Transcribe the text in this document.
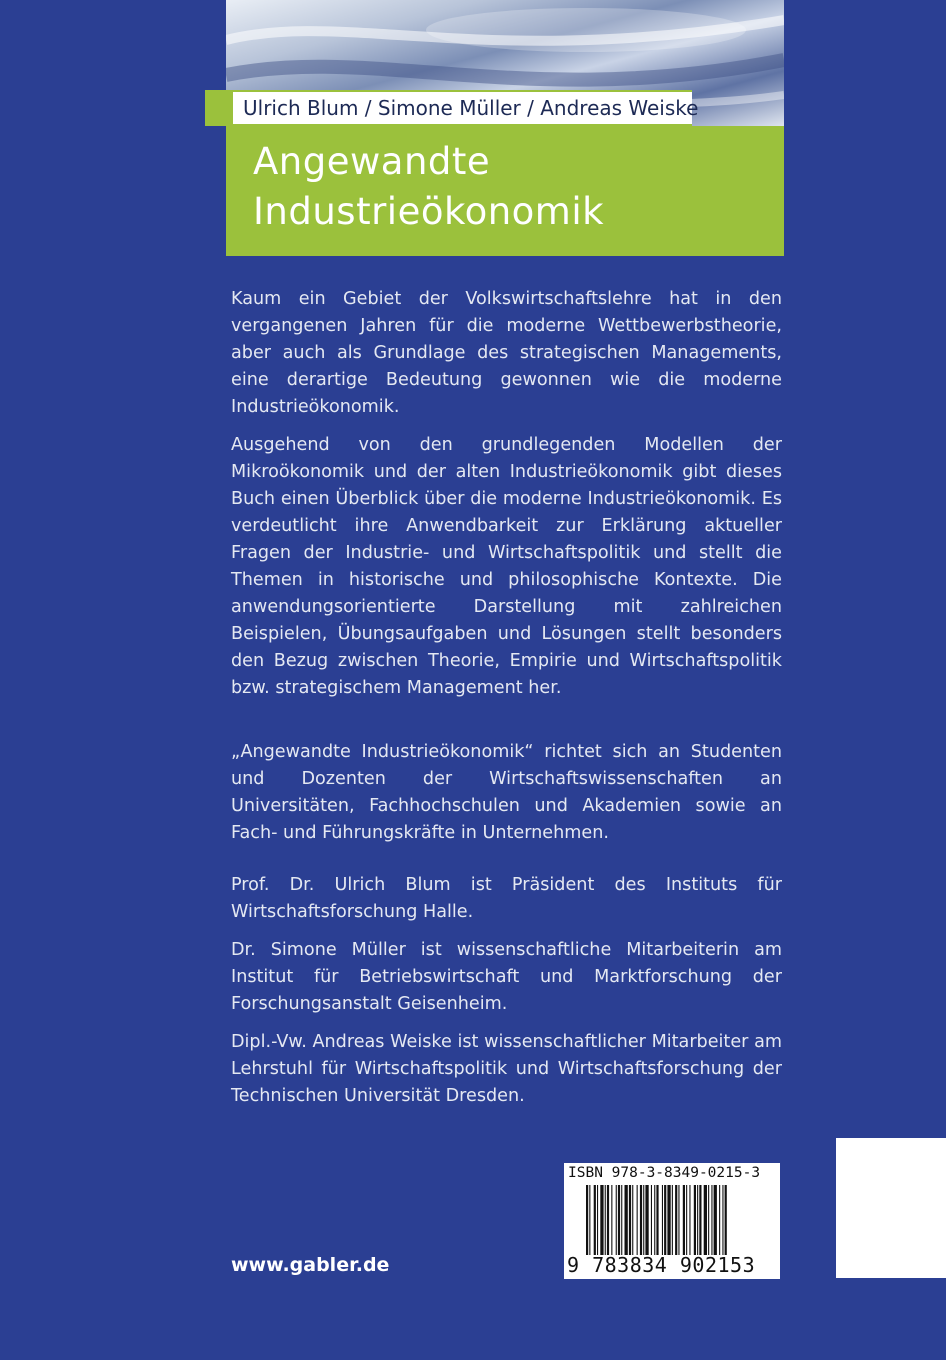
Ulrich Blum / Simone Müller / Andreas Weiske
Angewandte
Industrieökonomik

Kaum ein Gebiet der Volkswirtschaftslehre hat in den vergangenen Jahren für die moderne Wettbewerbstheorie, aber auch als Grundlage des strategischen Managements, eine derartige Bedeutung gewonnen wie die moderne Industrieökonomik.

Ausgehend von den grundlegenden Modellen der Mikroökonomik und der alten Industrieökonomik gibt dieses Buch einen Überblick über die moderne Industrieökonomik. Es verdeutlicht ihre Anwendbarkeit zur Erklärung aktueller Fragen der Industrie- und Wirtschaftspolitik und stellt die Themen in historische und philosophische Kontexte. Die anwendungsorientierte Darstellung mit zahlreichen Beispielen, Übungsaufgaben und Lösungen stellt besonders den Bezug zwischen Theorie, Empirie und Wirtschaftspolitik bzw. strategischem Management her.

„Angewandte Industrieökonomik“ richtet sich an Studenten und Dozenten der Wirtschaftswissenschaften an Universitäten, Fachhochschulen und Akademien sowie an Fach- und Führungskräfte in Unternehmen.

Prof. Dr. Ulrich Blum ist Präsident des Instituts für Wirtschaftsforschung Halle.

Dr. Simone Müller ist wissenschaftliche Mitarbeiterin am Institut für Betriebswirtschaft und Marktforschung der Forschungsanstalt Geisenheim.

Dipl.-Vw. Andreas Weiske ist wissenschaftlicher Mitarbeiter am Lehrstuhl für Wirtschaftspolitik und Wirtschaftsforschung der Technischen Universität Dresden.

www.gabler.de
ISBN 978-3-8349-0215-3
9 783834 902153
